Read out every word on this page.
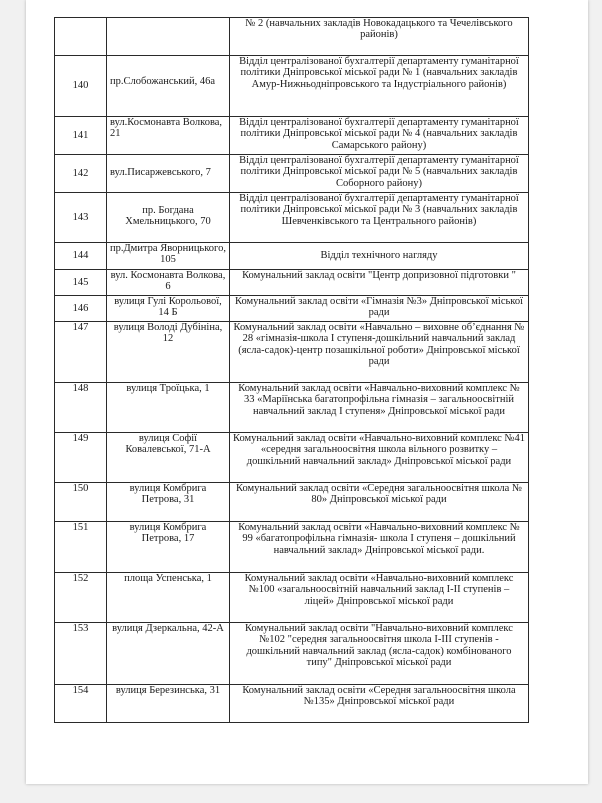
		№ 2 (навчальних закладів Новокадацького та Чечелівського районів)
140	пр.Слобожанський, 46а	Відділ централізованої бухгалтерії департаменту гуманітарної політики Дніпровської міської ради № 1 (навчальних закладів Амур-Нижньодніпровського та Індустріального районів)
141	вул.Космонавта Волкова, 21	Відділ централізованої бухгалтерії департаменту гуманітарної політики Дніпровської міської ради № 4 (навчальних закладів Самарського району)
142	вул.Писаржевського, 7	Відділ централізованої бухгалтерії департаменту гуманітарної політики Дніпровської міської ради № 5 (навчальних закладів Соборного району)
143	пр. Богдана Хмельницького, 70	Відділ централізованої бухгалтерії департаменту гуманітарної політики Дніпровської міської ради № 3 (навчальних закладів Шевченківського та Центрального районів)
144	пр.Дмитра Яворницького, 105	Відділ технічного нагляду
145	вул. Космонавта Волкова, 6	Комунальний заклад освіти "Центр допризовної підготовки "
146	вулиця Гулі Корольової, 14 Б	Комунальний заклад освіти «Гімназія №3» Дніпровської міської ради
147	вулиця Володі Дубініна, 12	Комунальний заклад освіти «Навчально – виховне об’єднання № 28 «гімназія-школа І ступеня-дошкільний навчальний заклад (ясла-садок)-центр позашкільної роботи» Дніпровської міської ради
148	вулиця Троїцька, 1	Комунальний заклад освіти «Навчально-виховний комплекс № 33 «Маріїнська багатопрофільна гімназія – загальноосвітній навчальний заклад І ступеня» Дніпровської міської ради
149	вулиця Софії Ковалевської, 71-А	Комунальний заклад освіти «Навчально-виховний комплекс №41 «середня загальноосвітня школа вільного розвитку – дошкільний навчальний заклад» Дніпровської міської ради
150	вулиця Комбрига Петрова, 31	Комунальний заклад освіти «Середня загальноосвітня школа № 80» Дніпровської міської ради
151	вулиця Комбрига Петрова, 17	Комунальний заклад освіти «Навчально-виховний комплекс № 99 «багатопрофільна гімназія- школа І ступеня – дошкільний навчальний заклад» Дніпровської міської ради.
152	площа Успенська, 1	Комунальний заклад освіти «Навчально-виховний комплекс №100 «загальноосвітній навчальний заклад І-ІІ ступенів – ліцей» Дніпровської міської ради
153	вулиця Дзеркальна, 42-А	Комунальний заклад освіти "Навчально-виховний комплекс №102 "середня загальноосвітня школа І-ІІІ ступенів - дошкільний навчальний заклад (ясла-садок) комбінованого типу" Дніпровської міської ради
154	вулиця Березинська, 31	Комунальний заклад освіти «Середня загальноосвітня школа №135» Дніпровської міської ради
